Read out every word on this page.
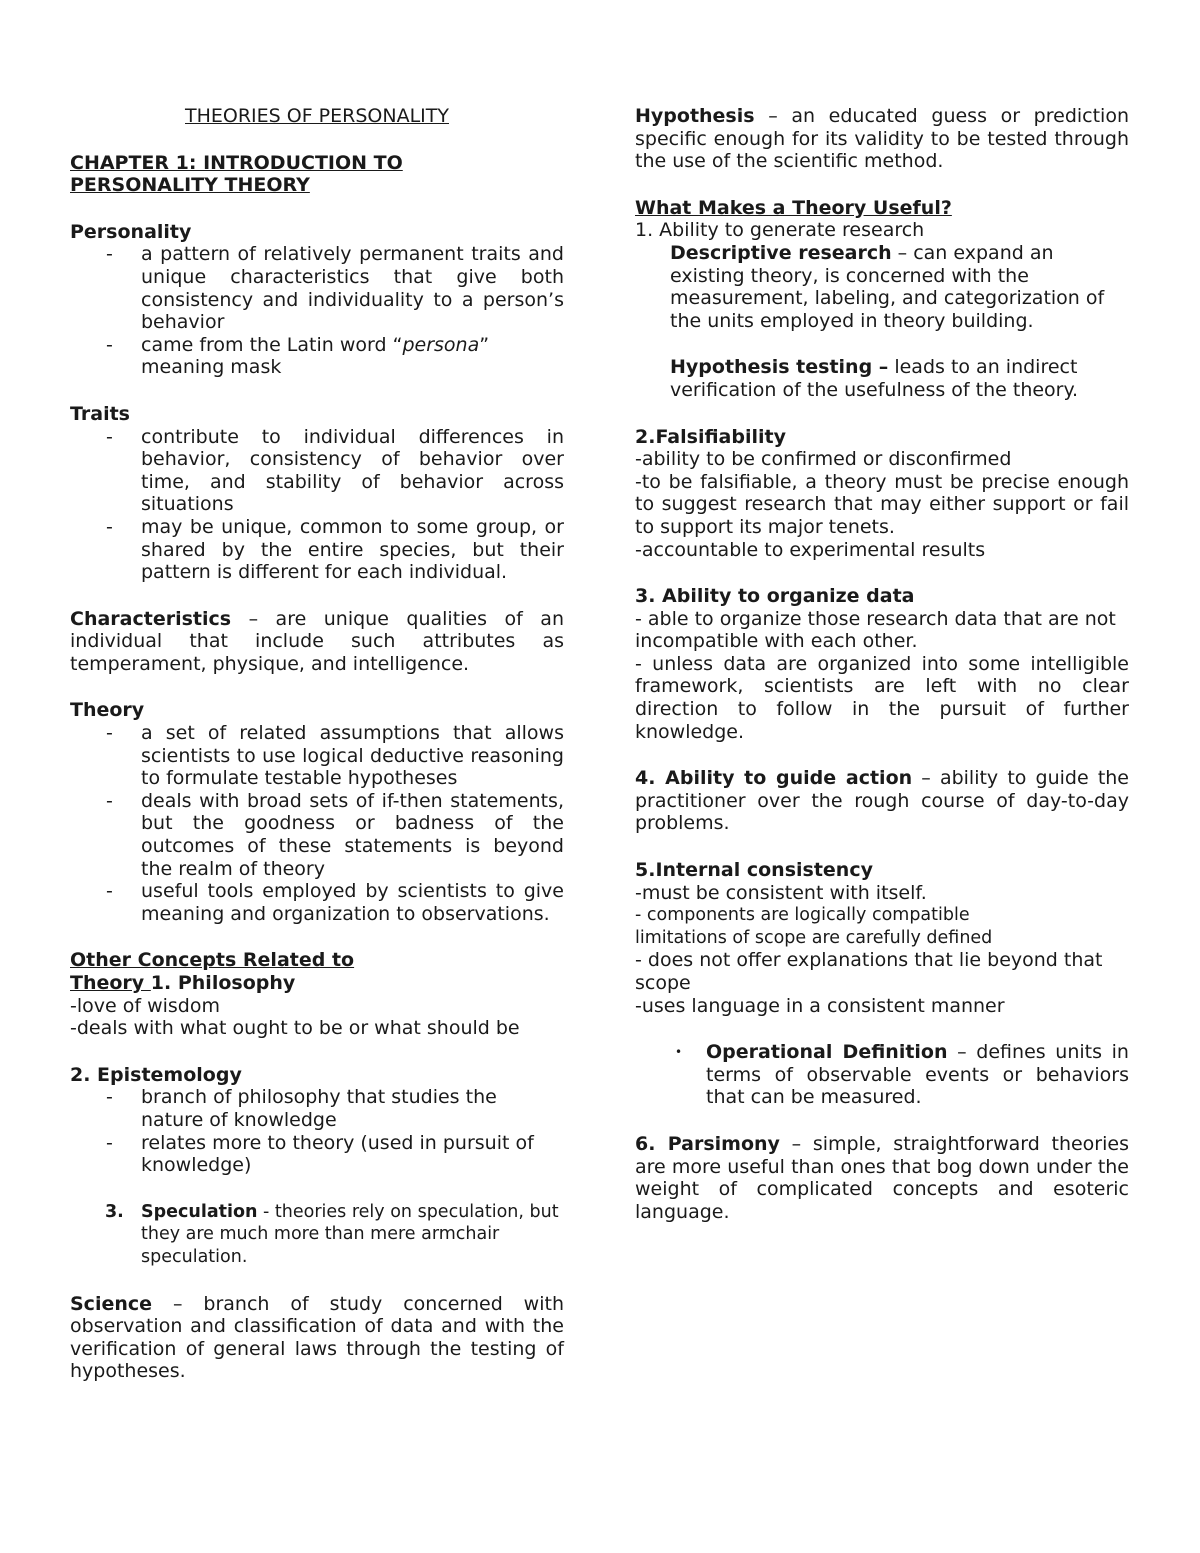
THEORIES OF PERSONALITY

CHAPTER 1: INTRODUCTION TO

PERSONALITY THEORY

Personality

- a pattern of relatively permanent traits and unique characteristics that give both consistency and individuality to a person’s behavior
- came from the Latin word “persona” meaning mask

Traits

- contribute to individual differences in behavior, consistency of behavior over time, and stability of behavior across situations
- may be unique, common to some group, or shared by the entire species, but their pattern is different for each individual.

Characteristics – are unique qualities of an individual that include such attributes as temperament, physique, and intelligence.

Theory

- a set of related assumptions that allows scientists to use logical deductive reasoning to formulate testable hypotheses
- deals with broad sets of if-then statements, but the goodness or badness of the outcomes of these statements is beyond the realm of theory
- useful tools employed by scientists to give meaning and organization to observations.

Other Concepts Related to

Theory 1. Philosophy

-love of wisdom

-deals with what ought to be or what should be

2. Epistemology

- branch of philosophy that studies the nature of knowledge
- relates more to theory (used in pursuit of knowledge)

3. Speculation - theories rely on speculation, but they are much more than mere armchair speculation.

Science – branch of study concerned with observation and classification of data and with the verification of general laws through the testing of hypotheses.

Hypothesis – an educated guess or prediction specific enough for its validity to be tested through the use of the scientific method.

What Makes a Theory Useful?

1. Ability to generate research

Descriptive research – can expand an existing theory, is concerned with the measurement, labeling, and categorization of the units employed in theory building.

Hypothesis testing – leads to an indirect verification of the usefulness of the theory.

2.Falsifiability

-ability to be confirmed or disconfirmed

-to be falsifiable, a theory must be precise enough to suggest research that may either support or fail to support its major tenets.

-accountable to experimental results

3. Ability to organize data

- able to organize those research data that are not incompatible with each other.

- unless data are organized into some intelligible framework, scientists are left with no clear direction to follow in the pursuit of further knowledge.

4. Ability to guide action – ability to guide the practitioner over the rough course of day-to-day problems.

5.Internal consistency

-must be consistent with itself.

- components are logically compatible

limitations of scope are carefully defined

- does not offer explanations that lie beyond that scope

-uses language in a consistent manner

• Operational Definition – defines units in terms of observable events or behaviors that can be measured.

6. Parsimony – simple, straightforward theories are more useful than ones that bog down under the weight of complicated concepts and esoteric language.
